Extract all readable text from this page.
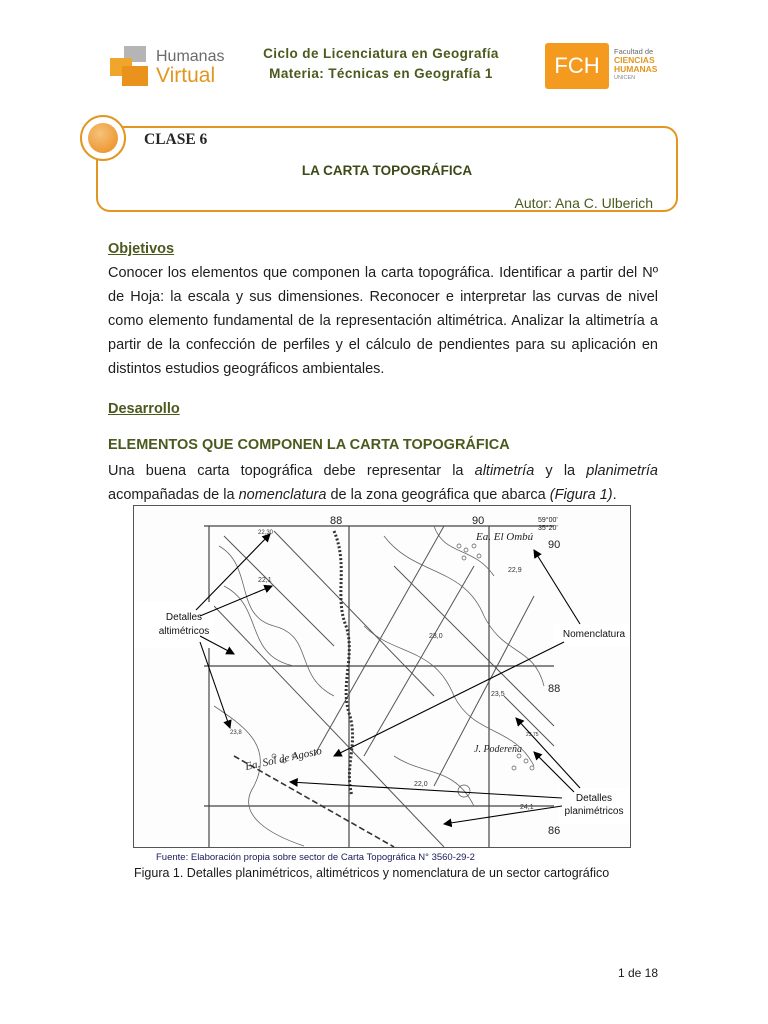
Humanas
Virtual
Ciclo de Licenciatura en Geografía
Materia: Técnicas en Geografía 1	FCH
Facultad de
CIENCIAS
HUMANAS
UNICEN
CLASE 6
LA CARTA TOPOGRÁFICA
Autor: Ana C. Ulberich
Objetivos
Conocer los elementos que componen la carta topográfica. Identificar a partir del Nº de Hoja: la escala y sus dimensiones. Reconocer e interpretar las curvas de nivel como elemento fundamental de la representación altimétrica. Analizar la altimetría a partir de la confección de perfiles y el cálculo de pendientes para su aplicación en distintos estudios geográficos ambientales.
Desarrollo
ELEMENTOS QUE COMPONEN LA CARTA TOPOGRÁFICA
Una buena carta topográfica debe representar la altimetría y la planimetría acompañadas de la nomenclatura de la zona geográfica que abarca (Figura 1).
88	90
90
88
86
59°00'
35°20'
Ea. El Ombú
Ea. Sol de Agosto	J. Podereña
22,30
22,1
22,9
23,0
23,5
23,75
23,8
22,0
24,1
Detalles
altimétricos	Nomenclatura
Detalles
planimétricos
Fuente: Elaboración propia sobre sector de Carta Topográfica N° 3560-29-2
Figura 1. Detalles planimétricos, altimétricos y nomenclatura de un sector cartográfico
1 de 18
